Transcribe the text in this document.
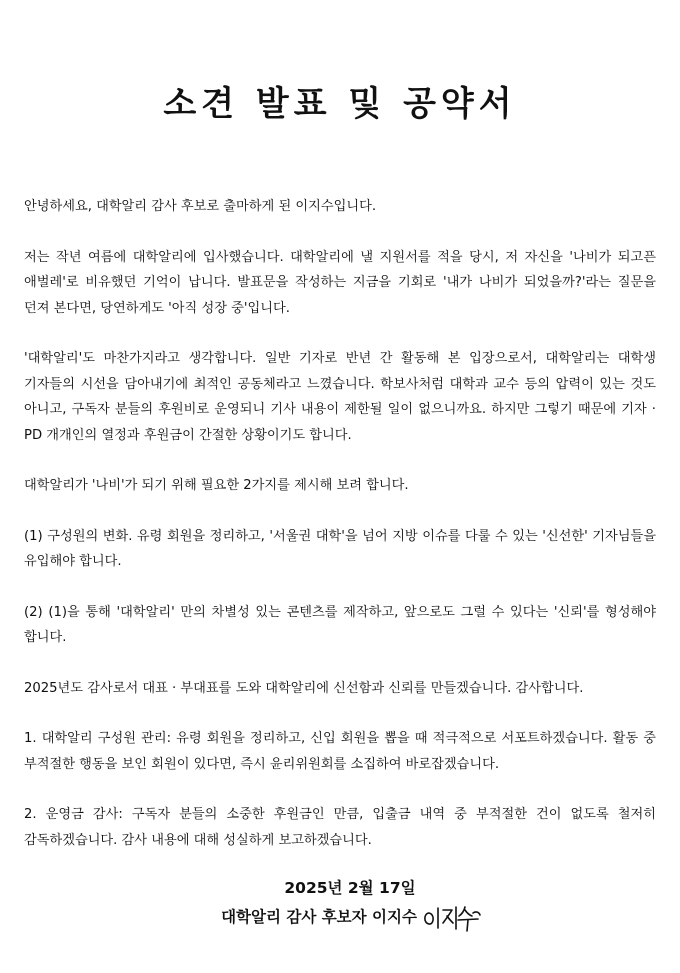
소견 발표 및 공약서

안녕하세요, 대학알리 감사 후보로 출마하게 된 이지수입니다.

저는 작년 여름에 대학알리에 입사했습니다. 대학알리에 낼 지원서를 적을 당시, 저 자신을 '나비가 되고픈 애벌레'로 비유했던 기억이 납니다. 발표문을 작성하는 지금을 기회로 '내가 나비가 되었을까?'라는 질문을 던져 본다면, 당연하게도 '아직 성장 중'입니다.

'대학알리'도 마찬가지라고 생각합니다. 일반 기자로 반년 간 활동해 본 입장으로서, 대학알리는 대학생 기자들의 시선을 담아내기에 최적인 공동체라고 느꼈습니다. 학보사처럼 대학과 교수 등의 압력이 있는 것도 아니고, 구독자 분들의 후원비로 운영되니 기사 내용이 제한될 일이 없으니까요. 하지만 그렇기 때문에 기자 · PD 개개인의 열정과 후원금이 간절한 상황이기도 합니다.

대학알리가 '나비'가 되기 위해 필요한 2가지를 제시해 보려 합니다.

(1) 구성원의 변화. 유령 회원을 정리하고, '서울권 대학'을 넘어 지방 이슈를 다룰 수 있는 '신선한' 기자님들을 유입해야 합니다.

(2) (1)을 통해 '대학알리' 만의 차별성 있는 콘텐츠를 제작하고, 앞으로도 그럴 수 있다는 '신뢰'를 형성해야 합니다.

2025년도 감사로서 대표 · 부대표를 도와 대학알리에 신선함과 신뢰를 만들겠습니다. 감사합니다.

1. 대학알리 구성원 관리: 유령 회원을 정리하고, 신입 회원을 뽑을 때 적극적으로 서포트하겠습니다. 활동 중 부적절한 행동을 보인 회원이 있다면, 즉시 윤리위원회를 소집하여 바로잡겠습니다.

2. 운영금 감사: 구독자 분들의 소중한 후원금인 만큼, 입출금 내역 중 부적절한 건이 없도록 철저히 감독하겠습니다. 감사 내용에 대해 성실하게 보고하겠습니다.

2025년 2월 17일
대학알리 감사 후보자 이지수
